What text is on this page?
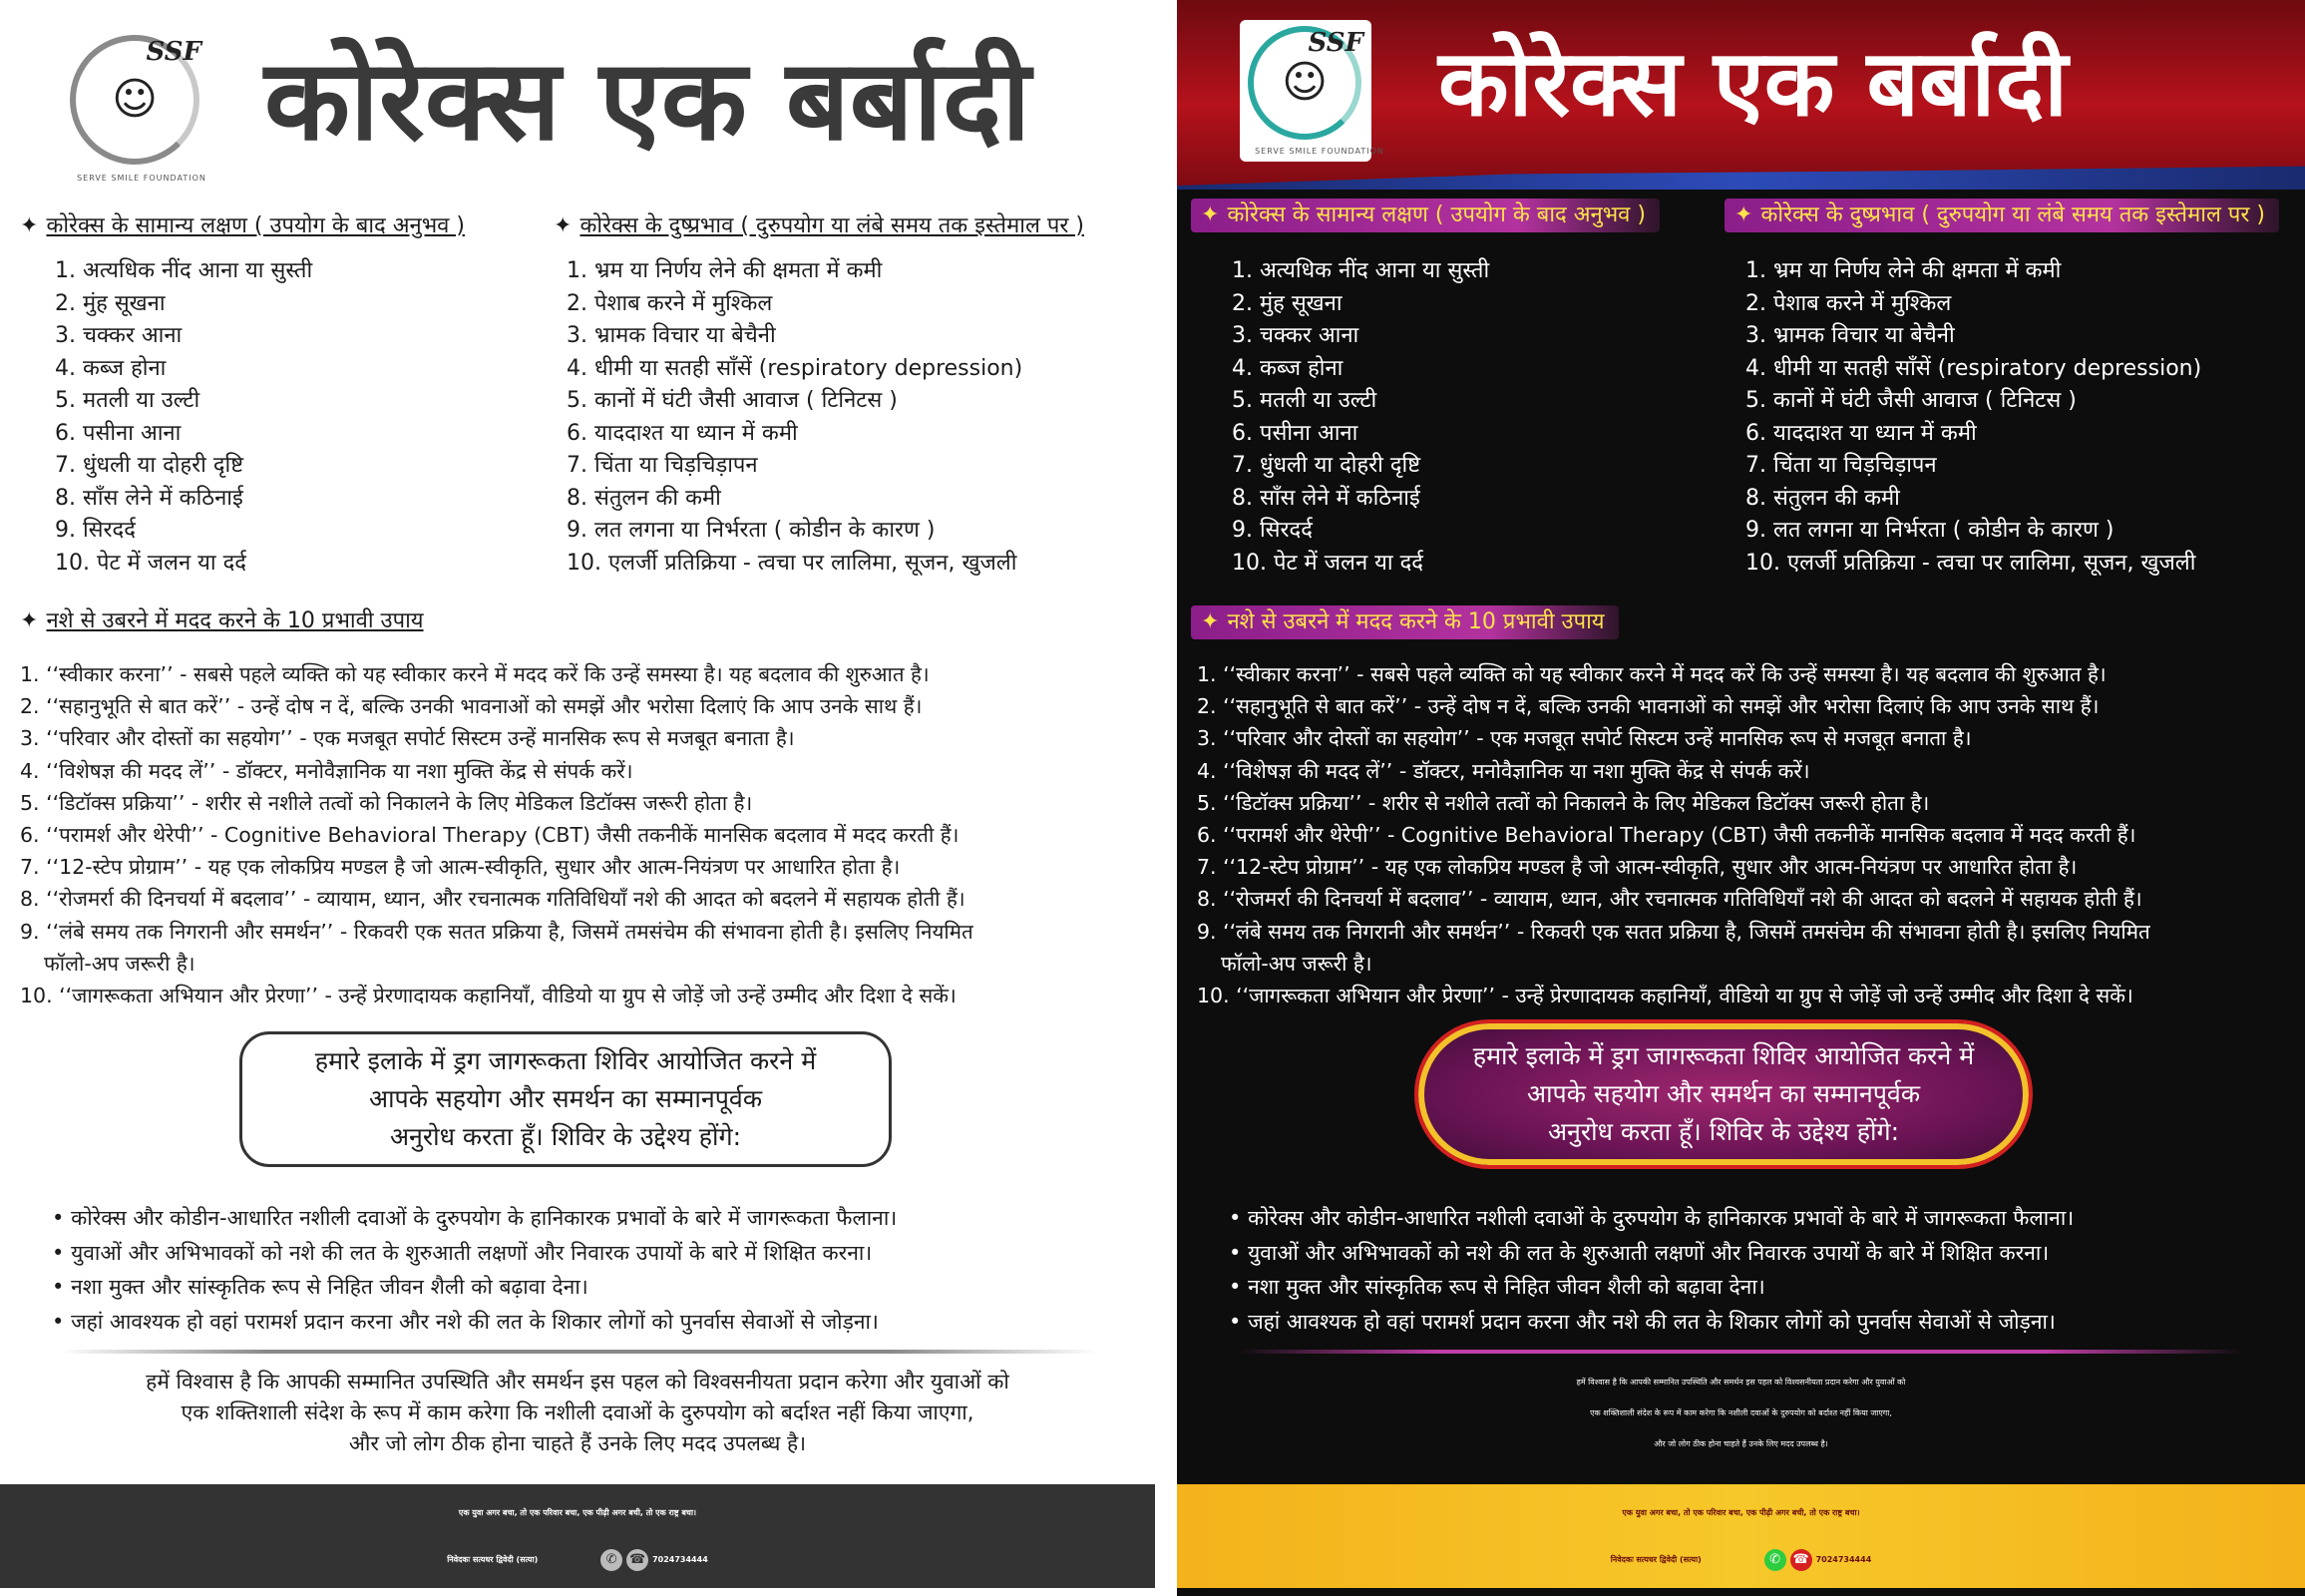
☺
SSF
SERVE SMILE FOUNDATION
कोरेक्स एक बर्बादी
✦ कोरेक्स के सामान्य लक्षण ( उपयोग के बाद अनुभव )	✦ कोरेक्स के दुष्प्रभाव ( दुरुपयोग या लंबे समय तक इस्तेमाल पर )
1. अत्यधिक नींद आना या सुस्ती
2. मुंह सूखना
3. चक्कर आना
4. कब्ज होना
5. मतली या उल्टी
6. पसीना आना
7. धुंधली या दोहरी दृष्टि
8. साँस लेने में कठिनाई
9. सिरदर्द
10. पेट में जलन या दर्द
1. भ्रम या निर्णय लेने की क्षमता में कमी
2. पेशाब करने में मुश्किल
3. भ्रामक विचार या बेचैनी
4. धीमी या सतही साँसें (respiratory depression)
5. कानों में घंटी जैसी आवाज ( टिनिटस )
6. याददाश्त या ध्यान में कमी
7. चिंता या चिड़चिड़ापन
8. संतुलन की कमी
9. लत लगना या निर्भरता ( कोडीन के कारण )
10. एलर्जी प्रतिक्रिया - त्वचा पर लालिमा, सूजन, खुजली
✦ नशे से उबरने में मदद करने के 10 प्रभावी उपाय
1. ‘‘स्वीकार करना’’ - सबसे पहले व्यक्ति को यह स्वीकार करने में मदद करें कि उन्हें समस्या है। यह बदलाव की शुरुआत है।
2. ‘‘सहानुभूति से बात करें’’ - उन्हें दोष न दें, बल्कि उनकी भावनाओं को समझें और भरोसा दिलाएं कि आप उनके साथ हैं।
3. ‘‘परिवार और दोस्तों का सहयोग’’ - एक मजबूत सपोर्ट सिस्टम उन्हें मानसिक रूप से मजबूत बनाता है।
4. ‘‘विशेषज्ञ की मदद लें’’ - डॉक्टर, मनोवैज्ञानिक या नशा मुक्ति केंद्र से संपर्क करें।
5. ‘‘डिटॉक्स प्रक्रिया’’ - शरीर से नशीले तत्वों को निकालने के लिए मेडिकल डिटॉक्स जरूरी होता है।
6. ‘‘परामर्श और थेरेपी’’ - Cognitive Behavioral Therapy (CBT) जैसी तकनीकें मानसिक बदलाव में मदद करती हैं।
7. ‘‘12-स्टेप प्रोग्राम’’ - यह एक लोकप्रिय मण्डल है जो आत्म-स्वीकृति, सुधार और आत्म-नियंत्रण पर आधारित होता है।
8. ‘‘रोजमर्रा की दिनचर्या में बदलाव’’ - व्यायाम, ध्यान, और रचनात्मक गतिविधियाँ नशे की आदत को बदलने में सहायक होती हैं।
9. ‘‘लंबे समय तक निगरानी और समर्थन’’ - रिकवरी एक सतत प्रक्रिया है, जिसमें तमसंचेम की संभावना होती है। इसलिए नियमित
फॉलो-अप जरूरी है।
10. ‘‘जागरूकता अभियान और प्रेरणा’’ - उन्हें प्रेरणादायक कहानियाँ, वीडियो या ग्रुप से जोड़ें जो उन्हें उम्मीद और दिशा दे सकें।
हमारे इलाके में ड्रग जागरूकता शिविर आयोजित करने में
आपके सहयोग और समर्थन का सम्मानपूर्वक
अनुरोध करता हूँ। शिविर के उद्देश्य होंगे:
• कोरेक्स और कोडीन-आधारित नशीली दवाओं के दुरुपयोग के हानिकारक प्रभावों के बारे में जागरूकता फैलाना।
• युवाओं और अभिभावकों को नशे की लत के शुरुआती लक्षणों और निवारक उपायों के बारे में शिक्षित करना।
• नशा मुक्त और सांस्कृतिक रूप से निहित जीवन शैली को बढ़ावा देना।
• जहां आवश्यक हो वहां परामर्श प्रदान करना और नशे की लत के शिकार लोगों को पुनर्वास सेवाओं से जोड़ना।
हमें विश्वास है कि आपकी सम्मानित उपस्थिति और समर्थन इस पहल को विश्वसनीयता प्रदान करेगा और युवाओं को
एक शक्तिशाली संदेश के रूप में काम करेगा कि नशीली दवाओं के दुरुपयोग को बर्दाश्त नहीं किया जाएगा,
और जो लोग ठीक होना चाहते हैं उनके लिए मदद उपलब्ध है।
एक युवा अगर बचा, तो एक परिवार बचा, एक पीढ़ी अगर बची, तो एक राष्ट्र बचा।
निवेदकः सत्यधर द्विवेदी (सत्या)	✆ ☎ 7024734444
☺
SSF
SERVE SMILE FOUNDATION
कोरेक्स एक बर्बादी
✦ कोरेक्स के सामान्य लक्षण ( उपयोग के बाद अनुभव )	✦ कोरेक्स के दुष्प्रभाव ( दुरुपयोग या लंबे समय तक इस्तेमाल पर )
1. अत्यधिक नींद आना या सुस्ती
2. मुंह सूखना
3. चक्कर आना
4. कब्ज होना
5. मतली या उल्टी
6. पसीना आना
7. धुंधली या दोहरी दृष्टि
8. साँस लेने में कठिनाई
9. सिरदर्द
10. पेट में जलन या दर्द
1. भ्रम या निर्णय लेने की क्षमता में कमी
2. पेशाब करने में मुश्किल
3. भ्रामक विचार या बेचैनी
4. धीमी या सतही साँसें (respiratory depression)
5. कानों में घंटी जैसी आवाज ( टिनिटस )
6. याददाश्त या ध्यान में कमी
7. चिंता या चिड़चिड़ापन
8. संतुलन की कमी
9. लत लगना या निर्भरता ( कोडीन के कारण )
10. एलर्जी प्रतिक्रिया - त्वचा पर लालिमा, सूजन, खुजली
✦ नशे से उबरने में मदद करने के 10 प्रभावी उपाय
1. ‘‘स्वीकार करना’’ - सबसे पहले व्यक्ति को यह स्वीकार करने में मदद करें कि उन्हें समस्या है। यह बदलाव की शुरुआत है।
2. ‘‘सहानुभूति से बात करें’’ - उन्हें दोष न दें, बल्कि उनकी भावनाओं को समझें और भरोसा दिलाएं कि आप उनके साथ हैं।
3. ‘‘परिवार और दोस्तों का सहयोग’’ - एक मजबूत सपोर्ट सिस्टम उन्हें मानसिक रूप से मजबूत बनाता है।
4. ‘‘विशेषज्ञ की मदद लें’’ - डॉक्टर, मनोवैज्ञानिक या नशा मुक्ति केंद्र से संपर्क करें।
5. ‘‘डिटॉक्स प्रक्रिया’’ - शरीर से नशीले तत्वों को निकालने के लिए मेडिकल डिटॉक्स जरूरी होता है।
6. ‘‘परामर्श और थेरेपी’’ - Cognitive Behavioral Therapy (CBT) जैसी तकनीकें मानसिक बदलाव में मदद करती हैं।
7. ‘‘12-स्टेप प्रोग्राम’’ - यह एक लोकप्रिय मण्डल है जो आत्म-स्वीकृति, सुधार और आत्म-नियंत्रण पर आधारित होता है।
8. ‘‘रोजमर्रा की दिनचर्या में बदलाव’’ - व्यायाम, ध्यान, और रचनात्मक गतिविधियाँ नशे की आदत को बदलने में सहायक होती हैं।
9. ‘‘लंबे समय तक निगरानी और समर्थन’’ - रिकवरी एक सतत प्रक्रिया है, जिसमें तमसंचेम की संभावना होती है। इसलिए नियमित
फॉलो-अप जरूरी है।
10. ‘‘जागरूकता अभियान और प्रेरणा’’ - उन्हें प्रेरणादायक कहानियाँ, वीडियो या ग्रुप से जोड़ें जो उन्हें उम्मीद और दिशा दे सकें।
हमारे इलाके में ड्रग जागरूकता शिविर आयोजित करने में
आपके सहयोग और समर्थन का सम्मानपूर्वक
अनुरोध करता हूँ। शिविर के उद्देश्य होंगे:
• कोरेक्स और कोडीन-आधारित नशीली दवाओं के दुरुपयोग के हानिकारक प्रभावों के बारे में जागरूकता फैलाना।
• युवाओं और अभिभावकों को नशे की लत के शुरुआती लक्षणों और निवारक उपायों के बारे में शिक्षित करना।
• नशा मुक्त और सांस्कृतिक रूप से निहित जीवन शैली को बढ़ावा देना।
• जहां आवश्यक हो वहां परामर्श प्रदान करना और नशे की लत के शिकार लोगों को पुनर्वास सेवाओं से जोड़ना।
हमें विश्वास है कि आपकी सम्मानित उपस्थिति और समर्थन इस पहल को विश्वसनीयता प्रदान करेगा और युवाओं को
एक शक्तिशाली संदेश के रूप में काम करेगा कि नशीली दवाओं के दुरुपयोग को बर्दाश्त नहीं किया जाएगा,
और जो लोग ठीक होना चाहते हैं उनके लिए मदद उपलब्ध है।
एक युवा अगर बचा, तो एक परिवार बचा, एक पीढ़ी अगर बची, तो एक राष्ट्र बचा।
निवेदकः सत्यधर द्विवेदी (सत्या)	✆ ☎ 7024734444
